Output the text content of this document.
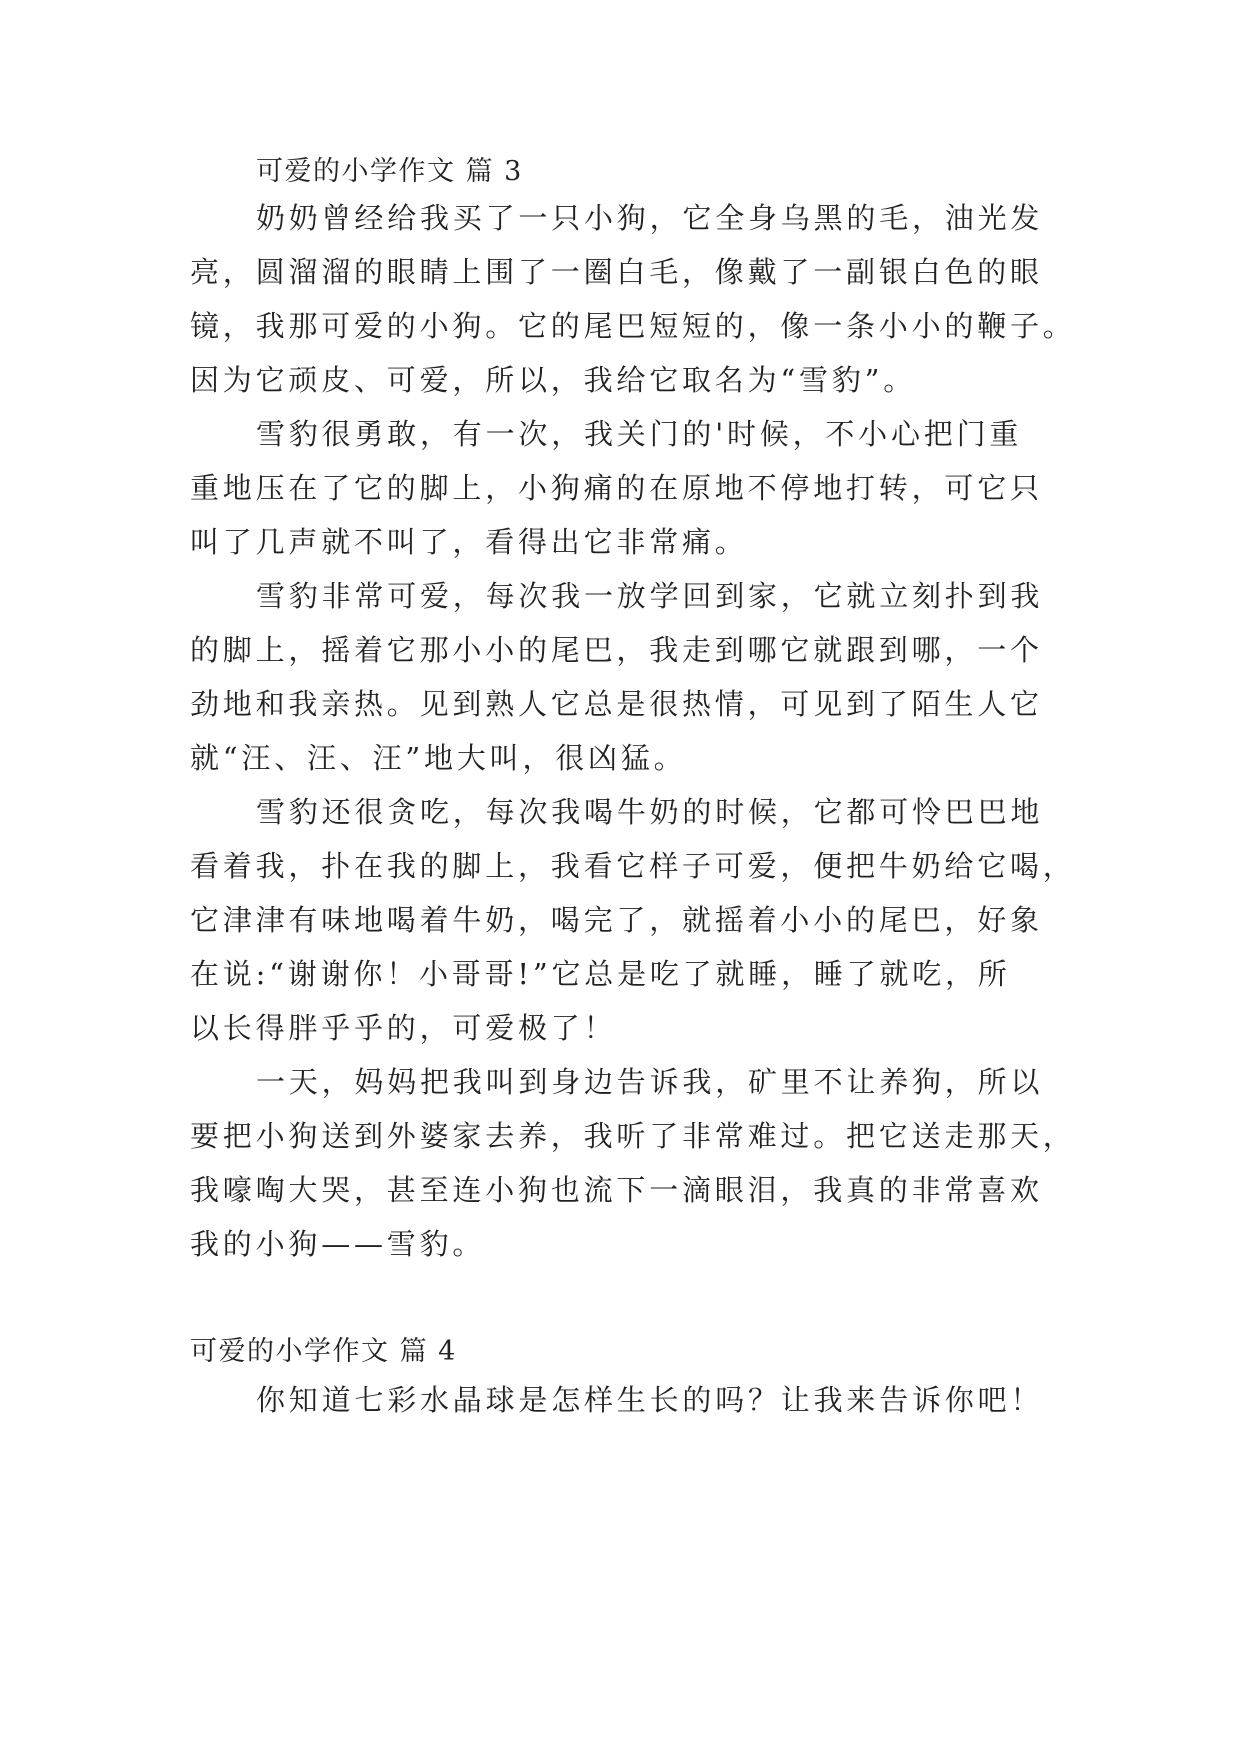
可爱的小学作文 篇 3
奶奶曾经给我买了一只小狗，它全身乌黑的毛，油光发
亮，圆溜溜的眼睛上围了一圈白毛，像戴了一副银白色的眼
镜，我那可爱的小狗。它的尾巴短短的，像一条小小的鞭子。
因为它顽皮、可爱，所以，我给它取名为“雪豹”。
雪豹很勇敢，有一次，我关门的'时候，不小心把门重
重地压在了它的脚上，小狗痛的在原地不停地打转，可它只
叫了几声就不叫了，看得出它非常痛。
雪豹非常可爱，每次我一放学回到家，它就立刻扑到我
的脚上，摇着它那小小的尾巴，我走到哪它就跟到哪，一个
劲地和我亲热。见到熟人它总是很热情，可见到了陌生人它
就“汪、汪、汪”地大叫，很凶猛。
雪豹还很贪吃，每次我喝牛奶的时候，它都可怜巴巴地
看着我，扑在我的脚上，我看它样子可爱，便把牛奶给它喝，
它津津有味地喝着牛奶，喝完了，就摇着小小的尾巴，好象
在说:“谢谢你！小哥哥!”它总是吃了就睡，睡了就吃，所
以长得胖乎乎的，可爱极了！
一天，妈妈把我叫到身边告诉我，矿里不让养狗，所以
要把小狗送到外婆家去养，我听了非常难过。把它送走那天，
我嚎啕大哭，甚至连小狗也流下一滴眼泪，我真的非常喜欢
我的小狗——雪豹。
可爱的小学作文 篇 4
你知道七彩水晶球是怎样生长的吗？让我来告诉你吧！
